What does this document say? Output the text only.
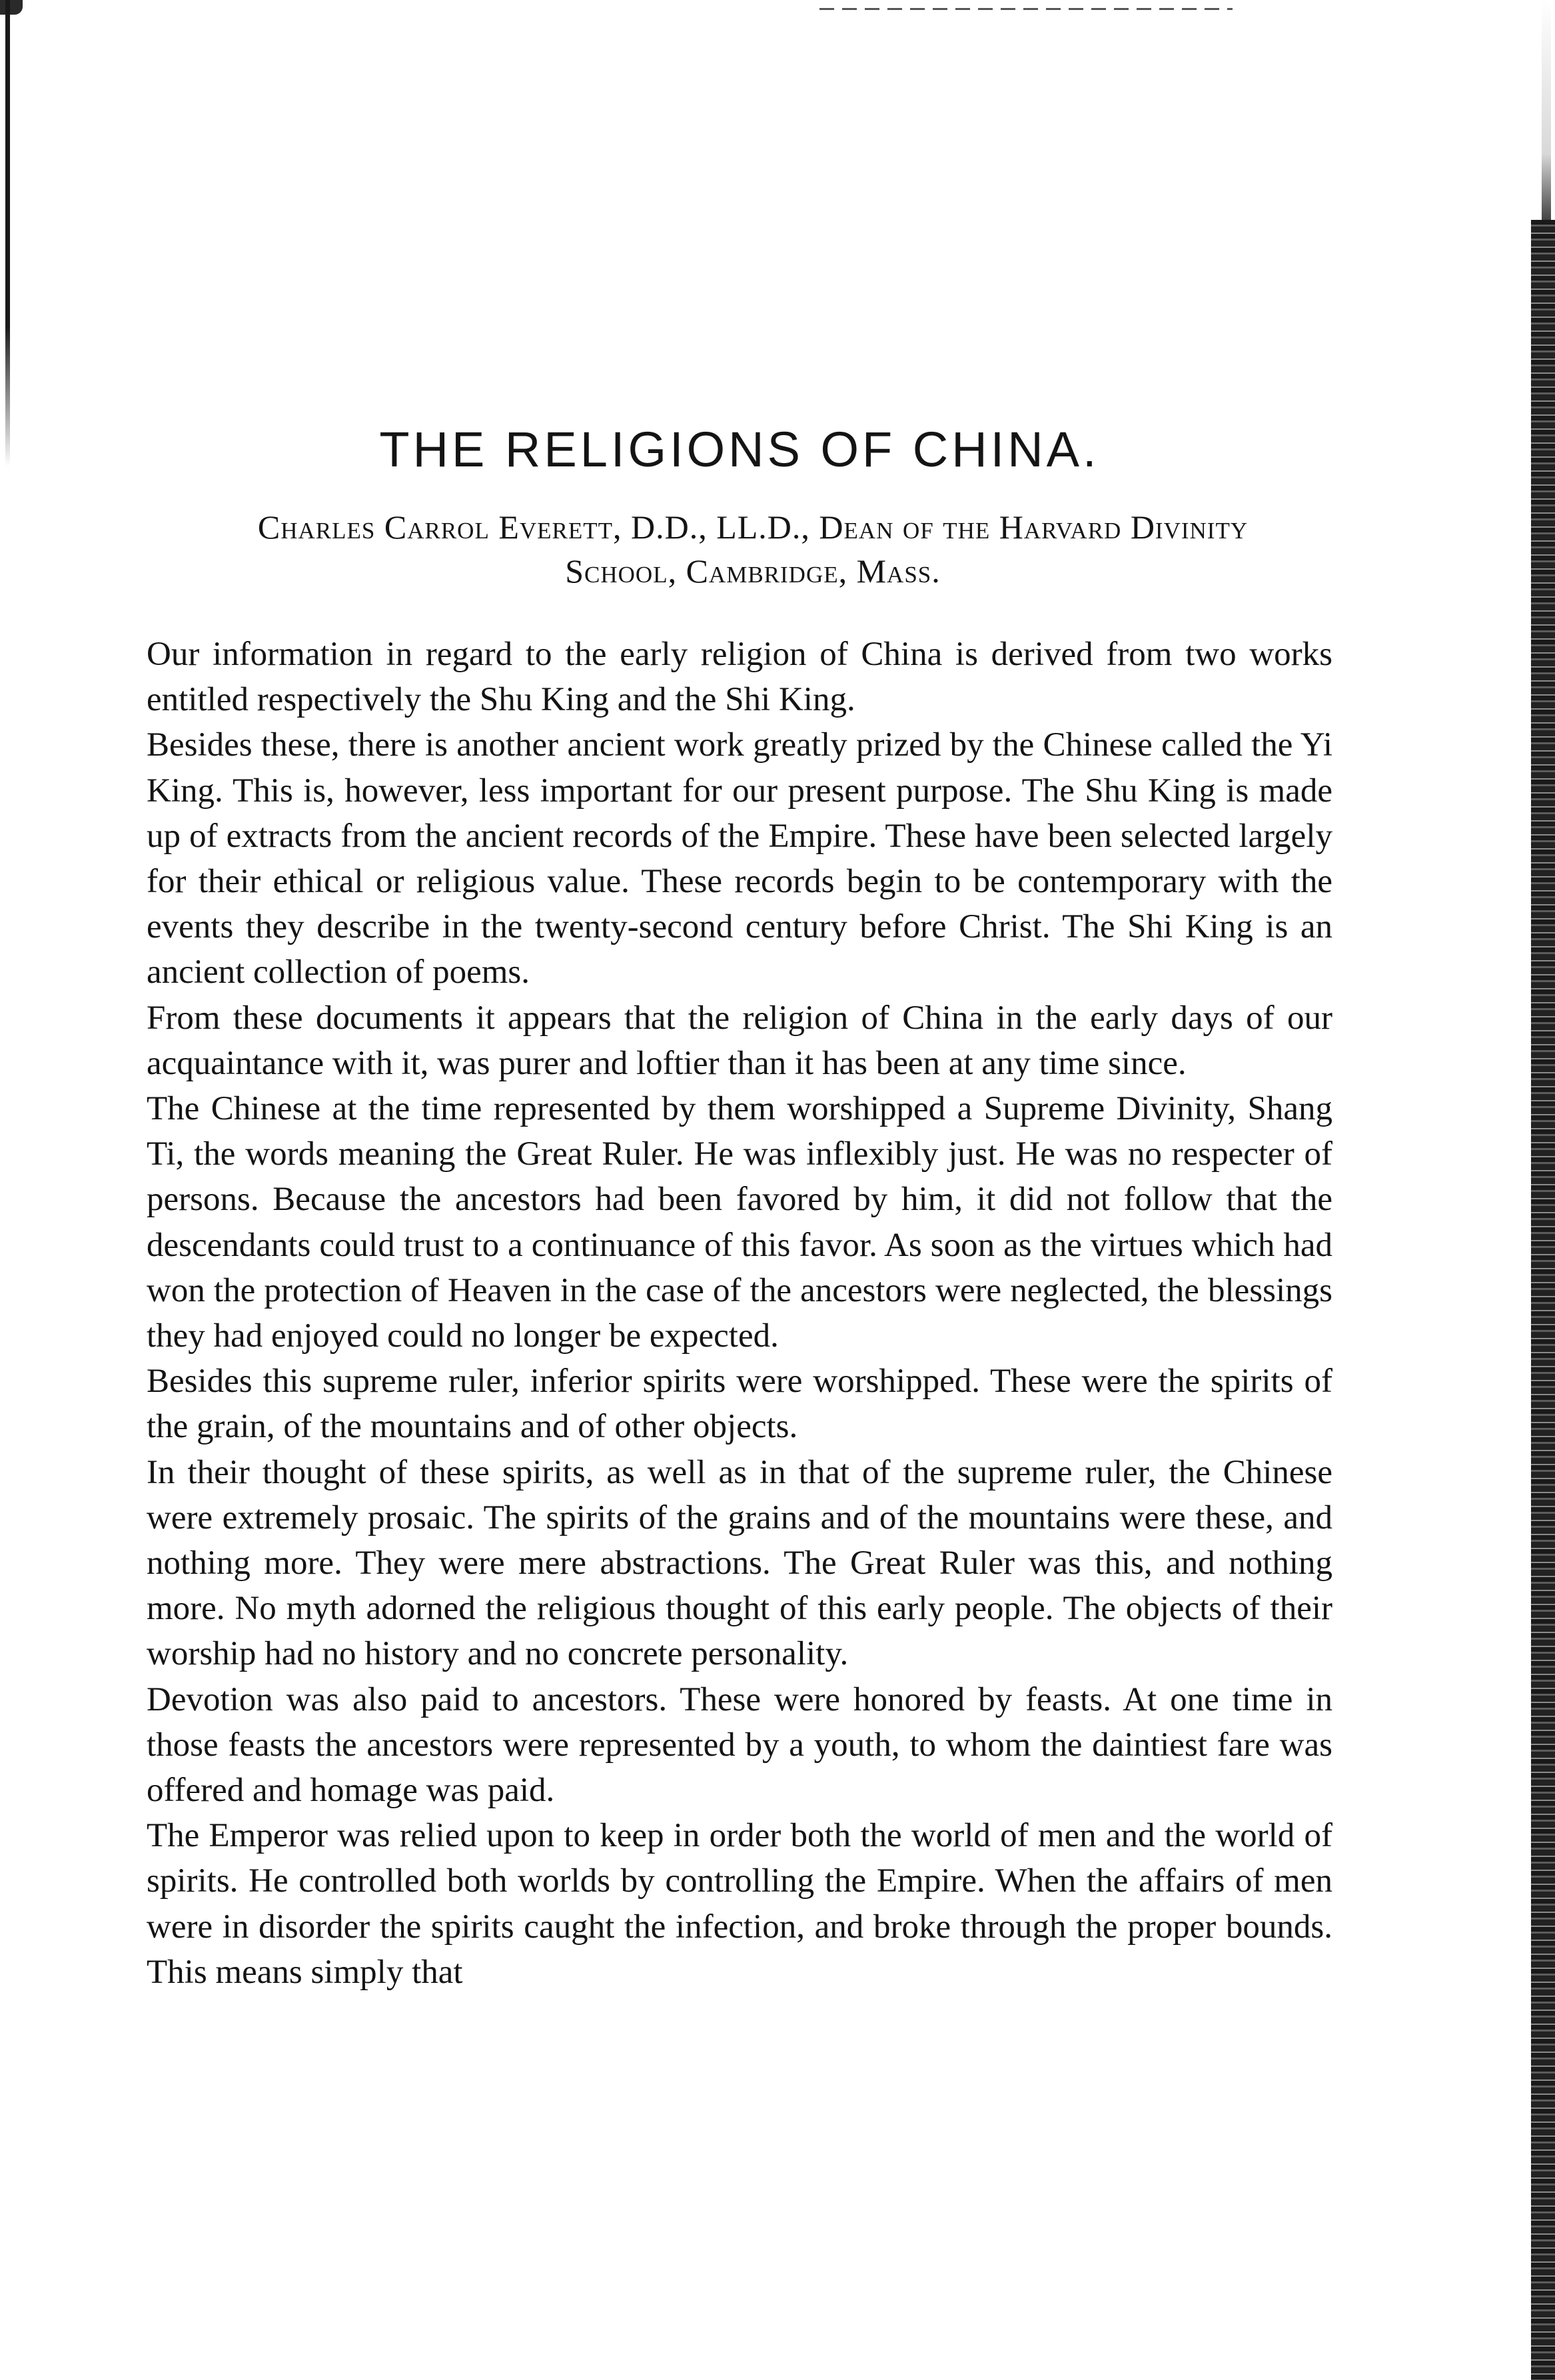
THE RELIGIONS OF CHINA.
Charles Carrol Everett, D.D., LL.D., Dean of the Harvard Divinity
School, Cambridge, Mass.

Our information in regard to the early religion of China is derived from two works entitled respectively the Shu King and the Shi King.

Besides these, there is another ancient work greatly prized by the Chinese called the Yi King. This is, however, less important for our present purpose. The Shu King is made up of extracts from the ancient records of the Empire. These have been selected largely for their ethical or religious value. These records begin to be contemporary with the events they describe in the twenty-second century before Christ. The Shi King is an ancient collection of poems.

From these documents it appears that the religion of China in the early days of our acquaintance with it, was purer and loftier than it has been at any time since.

The Chinese at the time represented by them worshipped a Supreme Divinity, Shang Ti, the words meaning the Great Ruler. He was inflexibly just. He was no respecter of persons. Because the ancestors had been favored by him, it did not follow that the descendants could trust to a continuance of this favor. As soon as the virtues which had won the protection of Heaven in the case of the ancestors were neglected, the blessings they had enjoyed could no longer be expected.

Besides this supreme ruler, inferior spirits were worshipped. These were the spirits of the grain, of the mountains and of other objects.

In their thought of these spirits, as well as in that of the supreme ruler, the Chinese were extremely prosaic. The spirits of the grains and of the mountains were these, and nothing more. They were mere abstractions. The Great Ruler was this, and nothing more. No myth adorned the religious thought of this early people. The objects of their worship had no history and no concrete personality.

Devotion was also paid to ancestors. These were honored by feasts. At one time in those feasts the ancestors were represented by a youth, to whom the daintiest fare was offered and homage was paid.

The Emperor was relied upon to keep in order both the world of men and the world of spirits. He controlled both worlds by controlling the Empire. When the affairs of men were in disorder the spirits caught the infection, and broke through the proper bounds. This means simply that
